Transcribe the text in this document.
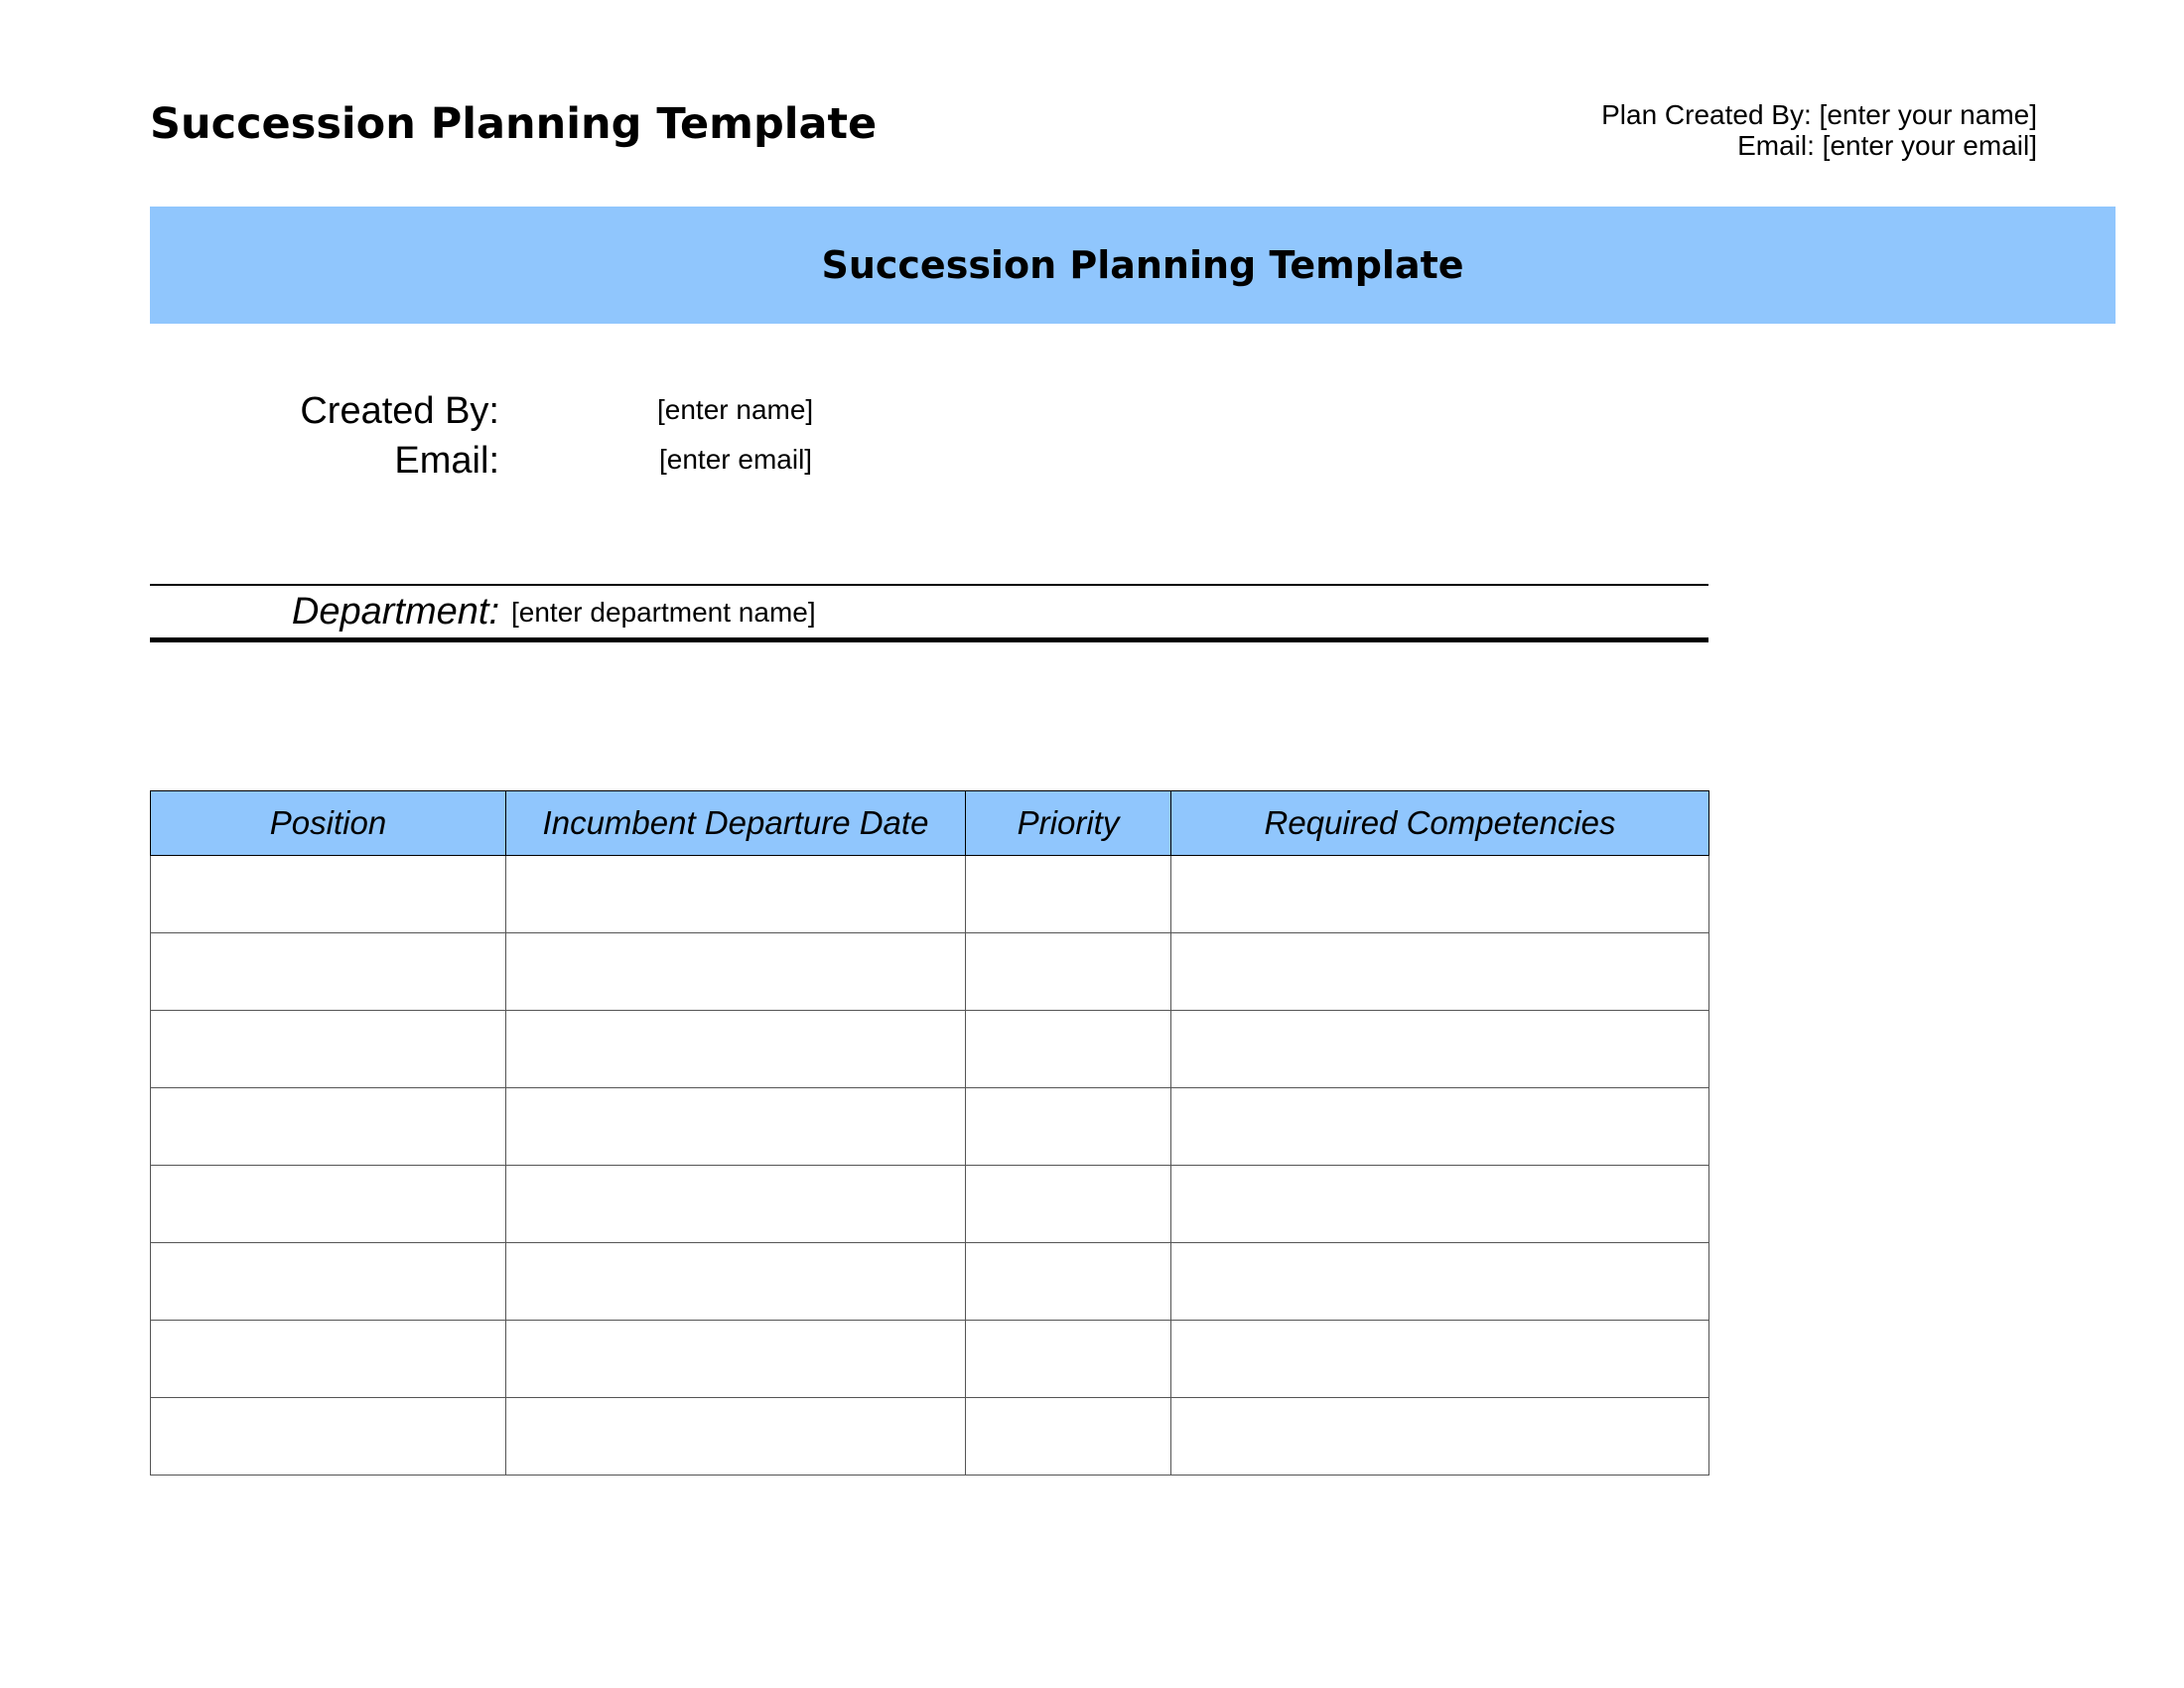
Succession Planning Template	Plan Created By: [enter your name]
Email: [enter your email]
Succession Planning Template
Created By:	[enter name]
Email:	[enter email]
Department: [enter department name]
Position	Incumbent Departure Date	Priority	Required Competencies
